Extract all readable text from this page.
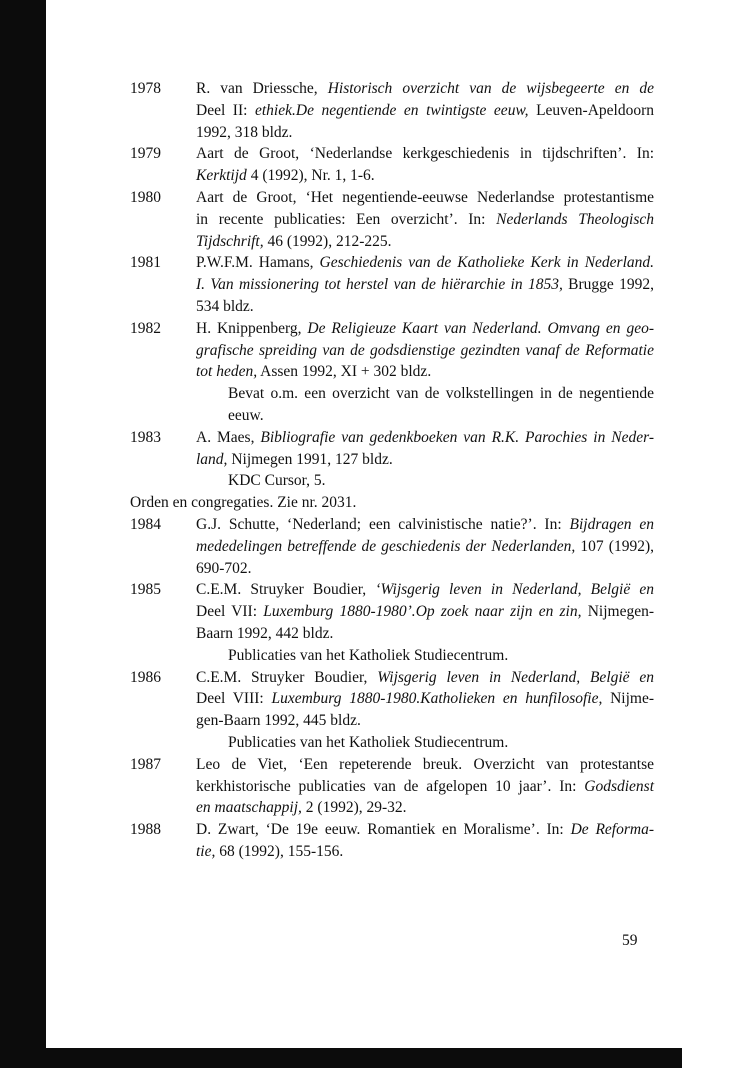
1978	R. van Driessche, Historisch overzicht van de wijsbegeerte en de
Deel II: ethiek.De negentiende en twintigste eeuw, Leuven-Apeldoorn
1992, 318 bldz.
1979	Aart de Groot, ‘Nederlandse kerkgeschiedenis in tijdschriften’. In:
Kerktijd 4 (1992), Nr. 1, 1-6.
1980	Aart de Groot, ‘Het negentiende-eeuwse Nederlandse protestantisme
in recente publicaties: Een overzicht’. In: Nederlands Theologisch
Tijdschrift, 46 (1992), 212-225.
1981	P.W.F.M. Hamans, Geschiedenis van de Katholieke Kerk in Nederland.
I. Van missionering tot herstel van de hiërarchie in 1853, Brugge 1992,
534 bldz.
1982	H. Knippenberg, De Religieuze Kaart van Nederland. Omvang en geo-
grafische spreiding van de godsdienstige gezindten vanaf de Reformatie
tot heden, Assen 1992, XI + 302 bldz.
Bevat o.m. een overzicht van de volkstellingen in de negentiende
eeuw.
1983	A. Maes, Bibliografie van gedenkboeken van R.K. Parochies in Neder-
land, Nijmegen 1991, 127 bldz.
KDC Cursor, 5.
Orden en congregaties. Zie nr. 2031.
1984	G.J. Schutte, ‘Nederland; een calvinistische natie?’. In: Bijdragen en
mededelingen betreffende de geschiedenis der Nederlanden, 107 (1992),
690-702.
1985	C.E.M. Struyker Boudier, ‘Wijsgerig leven in Nederland, België en
Deel VII: Luxemburg 1880-1980’.Op zoek naar zijn en zin, Nijmegen-
Baarn 1992, 442 bldz.
Publicaties van het Katholiek Studiecentrum.
1986	C.E.M. Struyker Boudier, Wijsgerig leven in Nederland, België en
Deel VIII: Luxemburg 1880-1980.Katholieken en hunfilosofie, Nijme-
gen-Baarn 1992, 445 bldz.
Publicaties van het Katholiek Studiecentrum.
1987	Leo de Viet, ‘Een repeterende breuk. Overzicht van protestantse
kerkhistorische publicaties van de afgelopen 10 jaar’. In: Godsdienst
en maatschappij, 2 (1992), 29-32.
1988	D. Zwart, ‘De 19e eeuw. Romantiek en Moralisme’. In: De Reforma-
tie, 68 (1992), 155-156.
59
